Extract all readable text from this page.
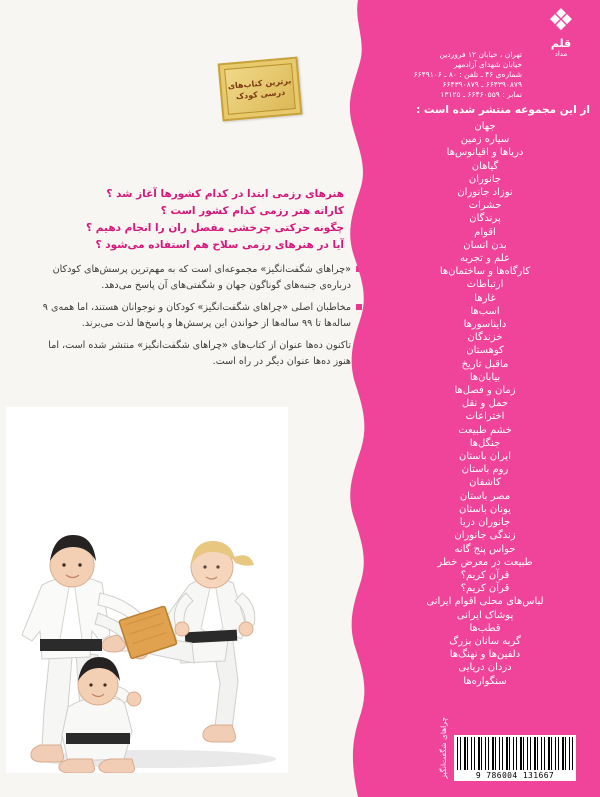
برترین کتاب‌های درسی کودک
هنرهای رزمی ابتدا در کدام کشورها آغاز شد ؟
کاراته هنر رزمی کدام کشور است ؟
چگونه حرکتی چرخشی مفصل ران را انجام دهیم ؟
آیا در هنرهای رزمی سلاح هم استفاده می‌شود ؟
«چراهای شگفت‌انگیز» مجموعه‌ای است که به مهم‌ترین پرسش‌های کودکان درباره‌ی جنبه‌های گوناگون جهان و شگفتی‌های آن پاسخ می‌دهد.
مخاطبان اصلی «چراهای شگفت‌انگیز» کودکان و نوجوانان هستند، اما همه‌ی ۹ ساله‌ها تا ۹۹ ساله‌ها از خواندن این پرسش‌ها و پاسخ‌ها لذت می‌برند.
تاکنون ده‌ها عنوان از کتاب‌های «چراهای شگفت‌انگیز» منتشر شده است، اما هنوز ده‌ها عنوان دیگر در راه است.
❖
قلم
مداد
تهران ، خیابان ۱۲ فروردین
خیابان شهدای آزادمهر
شماره‌ی ۴۶ ـ تلفن : ۸۰ ـ ۶۶۴۹۱۰۶
۶۶۴۳۹۰۸۷۹ ـ ۶۶۴۳۹۰۸۷۹
نمابر : ۶۶۴۶۰۵۵۹ ـ ۱۳۱۲۵
از این مجموعه منتشر شده است :
جهان
سیاره زمین
دریاها و اقیانوس‌ها
گیاهان
جانوران
نوزاد جانوران
حشرات
پرندگان
اقوام
بدن انسان
علم و تجربه
کارگاه‌ها و ساختمان‌ها
ارتباطات
غارها
اسب‌ها
دایناسورها
خزندگان
کوهستان
ماقبل تاریخ
بیابان‌ها
زمان و فصل‌ها
حمل و نقل
اختراعات
خشم طبیعت
جنگل‌ها
ایران باستان
روم باستان
کاشفان
مصر باستان
یونان باستان
جانوران دریا
زندگی جانوران
حواس پنج گانه
طبیعت در معرض خطر
قرآن کریم؟
قرآن کریم؟
لباس‌های محلی اقوام ایرانی
پوشاک ایرانی
قطب‌ها
گربه سانان بزرگ
دلفین‌ها و نهنگ‌ها
دزدان دریایی
سنگواره‌ها
چراهای شگفت‌انگیز	9 786004 131667
